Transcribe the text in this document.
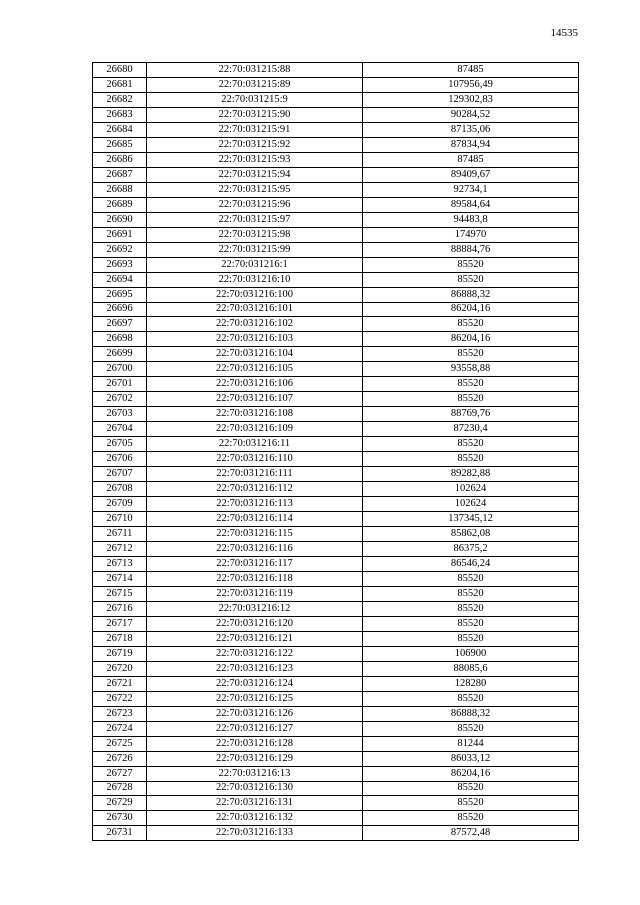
14535
26680	22:70:031215:88	87485
26681	22:70:031215:89	107956,49
26682	22:70:031215:9	129302,83
26683	22:70:031215:90	90284,52
26684	22:70:031215:91	87135,06
26685	22:70:031215:92	87834,94
26686	22:70:031215:93	87485
26687	22:70:031215:94	89409,67
26688	22:70:031215:95	92734,1
26689	22:70:031215:96	89584,64
26690	22:70:031215:97	94483,8
26691	22:70:031215:98	174970
26692	22:70:031215:99	88884,76
26693	22:70:031216:1	85520
26694	22:70:031216:10	85520
26695	22:70:031216:100	86888,32
26696	22:70:031216:101	86204,16
26697	22:70:031216:102	85520
26698	22:70:031216:103	86204,16
26699	22:70:031216:104	85520
26700	22:70:031216:105	93558,88
26701	22:70:031216:106	85520
26702	22:70:031216:107	85520
26703	22:70:031216:108	88769,76
26704	22:70:031216:109	87230,4
26705	22:70:031216:11	85520
26706	22:70:031216:110	85520
26707	22:70:031216:111	89282,88
26708	22:70:031216:112	102624
26709	22:70:031216:113	102624
26710	22:70:031216:114	137345,12
26711	22:70:031216:115	85862,08
26712	22:70:031216:116	86375,2
26713	22:70:031216:117	86546,24
26714	22:70:031216:118	85520
26715	22:70:031216:119	85520
26716	22:70:031216:12	85520
26717	22:70:031216:120	85520
26718	22:70:031216:121	85520
26719	22:70:031216:122	106900
26720	22:70:031216:123	88085,6
26721	22:70:031216:124	128280
26722	22:70:031216:125	85520
26723	22:70:031216:126	86888,32
26724	22:70:031216:127	85520
26725	22:70:031216:128	81244
26726	22:70:031216:129	86033,12
26727	22:70:031216:13	86204,16
26728	22:70:031216:130	85520
26729	22:70:031216:131	85520
26730	22:70:031216:132	85520
26731	22:70:031216:133	87572,48
